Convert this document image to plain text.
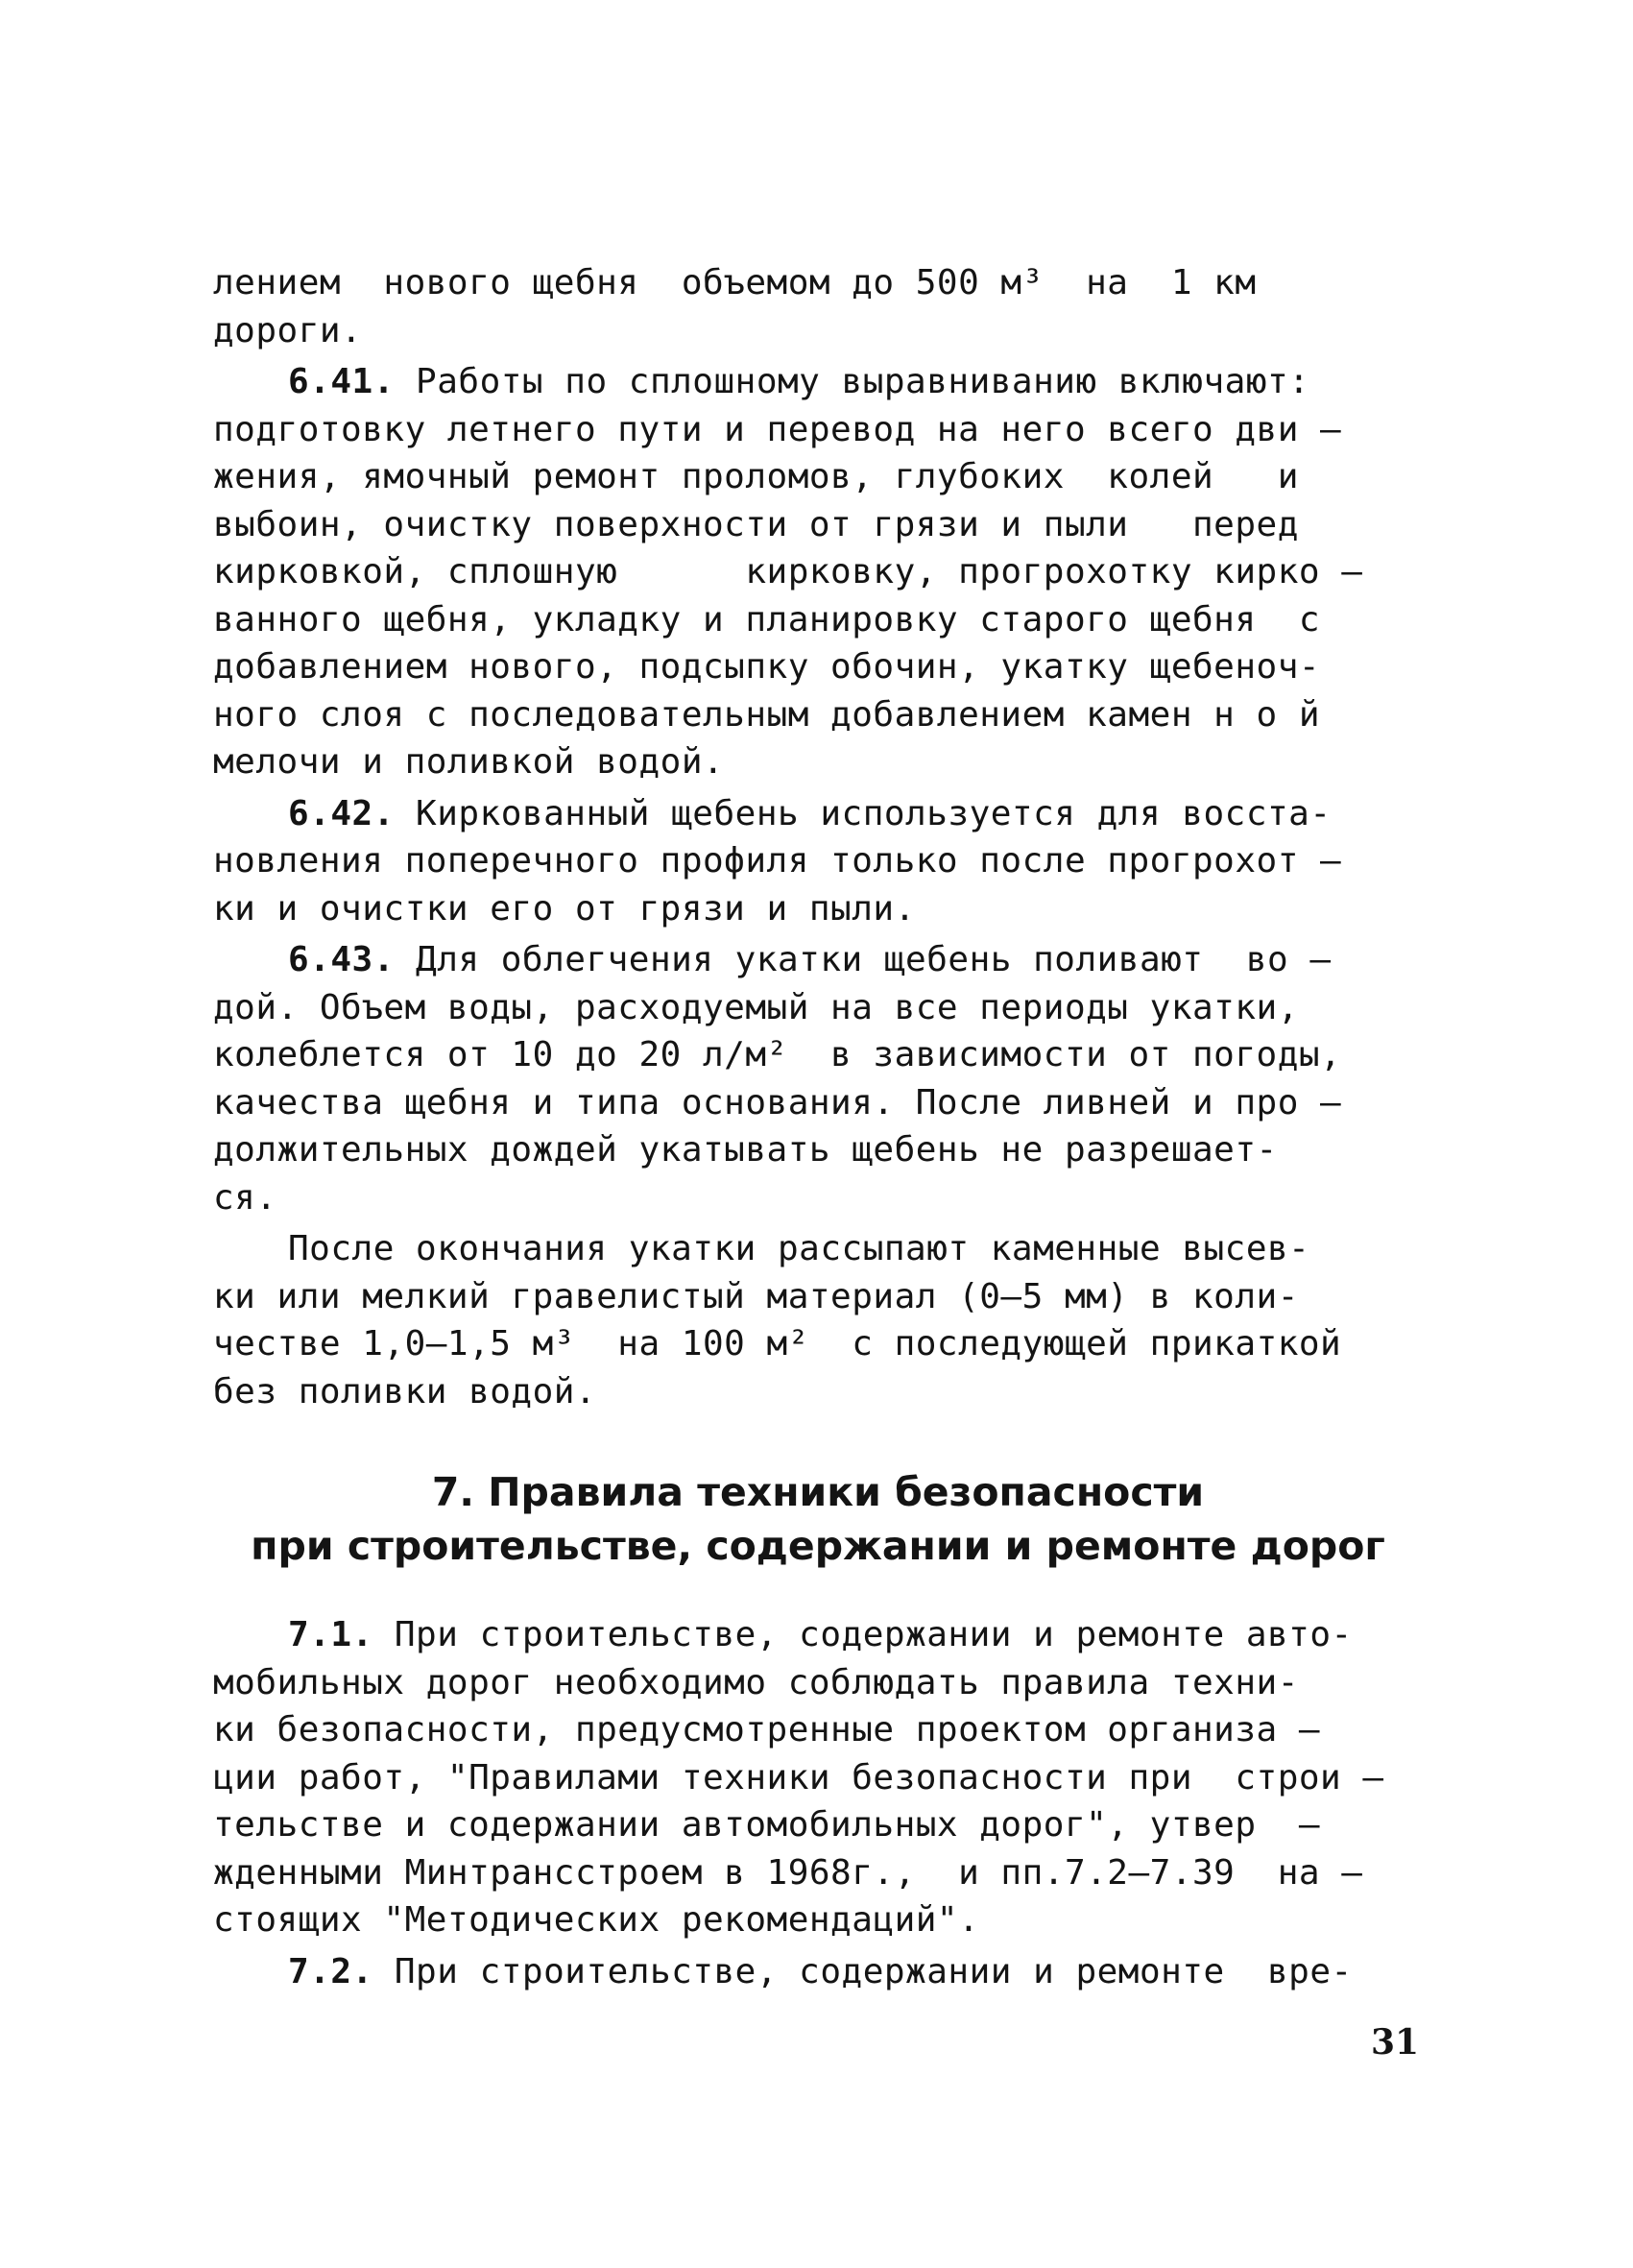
лением  нового щебня  объемом до 500 м³  на  1 км
дороги.
6.41. Работы по сплошному выравниванию включают:
подготовку летнего пути и перевод на него всего дви –
жения, ямочный ремонт проломов, глубоких  колей   и
выбоин, очистку поверхности от грязи и пыли   перед
кирковкой, сплошную      кирковку, прогрохотку кирко –
ванного щебня, укладку и планировку старого щебня  с
добавлением нового, подсыпку обочин, укатку щебеноч-
ного слоя с последовательным добавлением камен н о й
мелочи и поливкой водой.
6.42. Киркованный щебень используется для восста-
новления поперечного профиля только после прогрохот –
ки и очистки его от грязи и пыли.
6.43. Для облегчения укатки щебень поливают  во –
дой. Объем воды, расходуемый на все периоды укатки,
колеблется от 10 до 20 л/м²  в зависимости от погоды,
качества щебня и типа основания. После ливней и про –
должительных дождей укатывать щебень не разрешает-
ся.
После окончания укатки рассыпают каменные высев-
ки или мелкий гравелистый материал (0–5 мм) в коли-
честве 1,0–1,5 м³  на 100 м²  с последующей прикаткой
без поливки водой.
7. Правила техники безопасности
при строительстве, содержании и ремонте дорог
7.1. При строительстве, содержании и ремонте авто-
мобильных дорог необходимо соблюдать правила техни-
ки безопасности, предусмотренные проектом организа –
ции работ, "Правилами техники безопасности при  строи –
тельстве и содержании автомобильных дорог", утвер  –
жденными Минтрансстроем в 1968г.,  и пп.7.2–7.39  на –
стоящих "Методических рекомендаций".
7.2. При строительстве, содержании и ремонте  вре-
31
